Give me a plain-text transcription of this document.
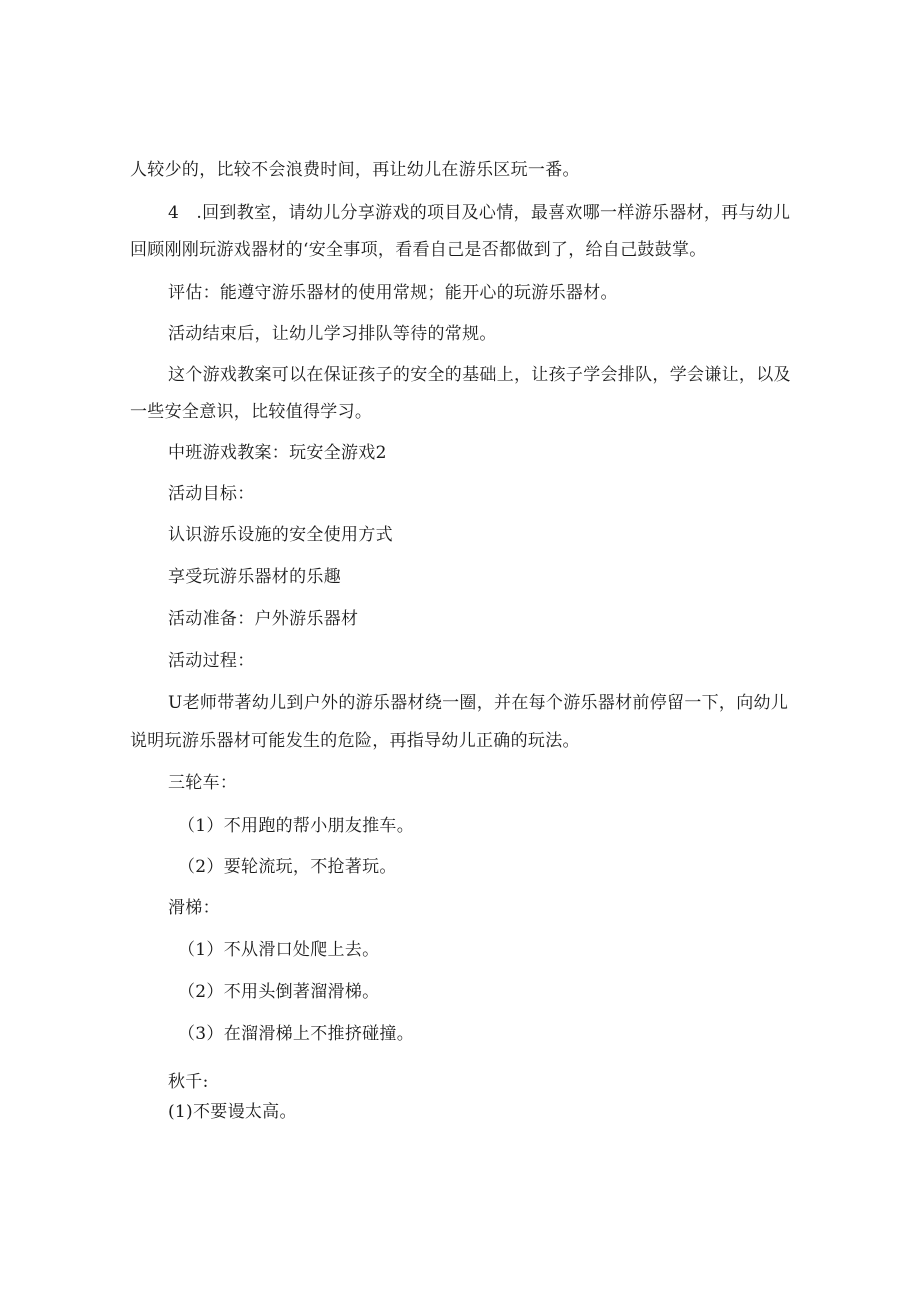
人较少的，比较不会浪费时间，再让幼儿在游乐区玩一番。
4　.回到教室，请幼儿分享游戏的项目及心情，最喜欢哪一样游乐器材，再与幼儿
回顾刚刚玩游戏器材的‘安全事项，看看自己是否都做到了，给自己鼓鼓掌。
评估：能遵守游乐器材的使用常规；能开心的玩游乐器材。
活动结束后，让幼儿学习排队等待的常规。
这个游戏教案可以在保证孩子的安全的基础上，让孩子学会排队，学会谦让，以及
一些安全意识，比较值得学习。
中班游戏教案：玩安全游戏2
活动目标：
认识游乐设施的安全使用方式
享受玩游乐器材的乐趣
活动准备：户外游乐器材
活动过程：
U老师带著幼儿到户外的游乐器材绕一圈，并在每个游乐器材前停留一下，向幼儿
说明玩游乐器材可能发生的危险，再指导幼儿正确的玩法。
三轮车：
（1）不用跑的帮小朋友推车。
（2）要轮流玩，不抢著玩。
滑梯：
（1）不从滑口处爬上去。
（2）不用头倒著溜滑梯。
（3）在溜滑梯上不推挤碰撞。
秋千:
(1)不要谩太高。
